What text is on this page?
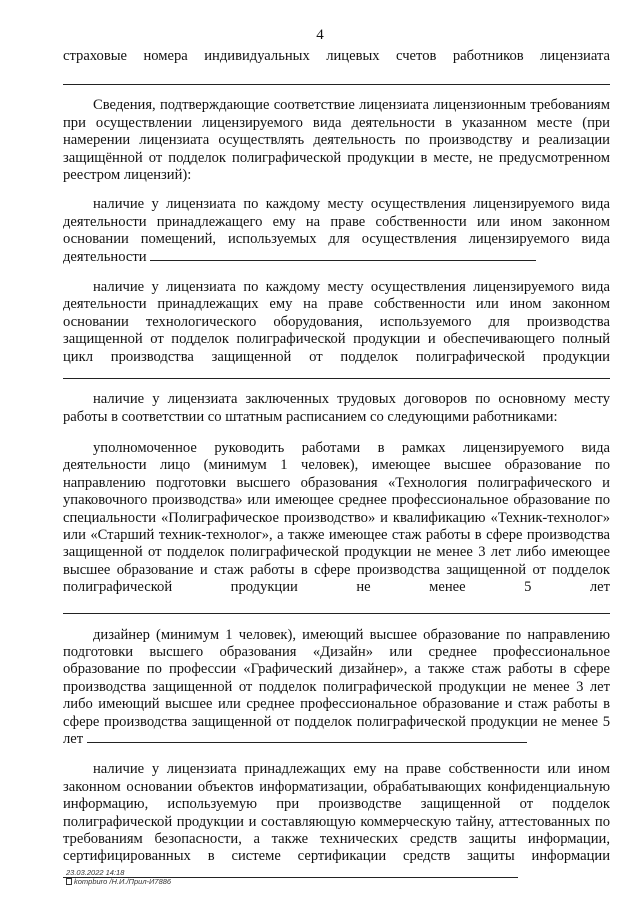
4

страховые номера индивидуальных лицевых счетов работников лицензиата

Сведения, подтверждающие соответствие лицензиата лицензионным требованиям при осуществлении лицензируемого вида деятельности в указанном месте (при намерении лицензиата осуществлять деятельность по производству и реализации защищённой от подделок полиграфической продукции в месте, не предусмотренном реестром лицензий):

наличие у лицензиата по каждому месту осуществления лицензируемого вида деятельности принадлежащего ему на праве собственности или ином законном основании помещений, используемых для осуществления лицензируемого вида деятельности

наличие у лицензиата по каждому месту осуществления лицензируемого вида деятельности принадлежащих ему на праве собственности или ином законном основании технологического оборудования, используемого для производства защищенной от подделок полиграфической продукции и обеспечивающего полный цикл производства защищенной от подделок полиграфической продукции

наличие у лицензиата заключенных трудовых договоров по основному месту работы в соответствии со штатным расписанием со следующими работниками:

уполномоченное руководить работами в рамках лицензируемого вида деятельности лицо (минимум 1 человек), имеющее высшее образование по направлению подготовки высшего образования «Технология полиграфического и упаковочного производства» или имеющее среднее профессиональное образование по специальности «Полиграфическое производство» и квалификацию «Техник-технолог» или «Старший техник-технолог», а также имеющее стаж работы в сфере производства защищенной от подделок полиграфической продукции не менее 3 лет либо имеющее высшее образование и стаж работы в сфере производства защищенной от подделок полиграфической продукции не менее 5 лет

дизайнер (минимум 1 человек), имеющий высшее образование по направлению подготовки высшего образования «Дизайн» или среднее профессиональное образование по профессии «Графический дизайнер», а также стаж работы в сфере производства защищенной от подделок полиграфической продукции не менее 3 лет либо имеющий высшее или среднее профессиональное образование и стаж работы в сфере производства защищенной от подделок полиграфической продукции не менее 5 лет

наличие у лицензиата принадлежащих ему на праве собственности или ином законном основании объектов информатизации, обрабатывающих конфиденциальную информацию, используемую при производстве защищенной от подделок полиграфической продукции и составляющую коммерческую тайну, аттестованных по требованиям безопасности, а также технических средств защиты информации, сертифицированных в системе сертификации средств защиты информации

23.03.2022 14:18
kompburo /Н.И./Прил-И7886
